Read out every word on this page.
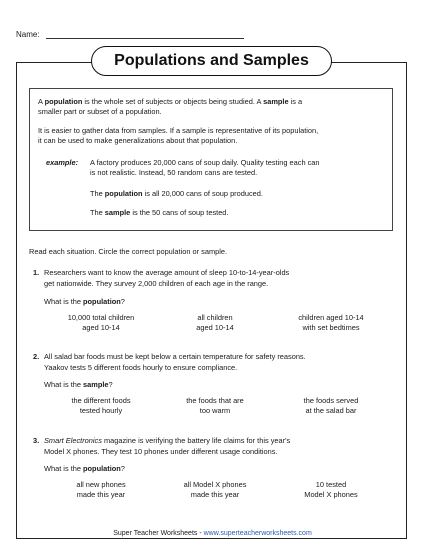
Name:
Populations and Samples
A population is the whole set of subjects or objects being studied. A sample is a
smaller part or subset of a population.
It is easier to gather data from samples. If a sample is representative of its population,
it can be used to make generalizations about that population.
example: A factory produces 20,000 cans of soup daily. Quality testing each can
is not realistic. Instead, 50 random cans are tested.
The population is all 20,000 cans of soup produced.
The sample is the 50 cans of soup tested.
Read each situation. Circle the correct population or sample.
1. Researchers want to know the average amount of sleep 10-to-14-year-olds
get nationwide. They survey 2,000 children of each age in the range.
What is the population?
10,000 total children
aged 10-14
all children
aged 10-14
children aged 10-14
with set bedtimes
2. All salad bar foods must be kept below a certain temperature for safety reasons.
Yaakov tests 5 different foods hourly to ensure compliance.
What is the sample?
the different foods
tested hourly
the foods that are
too warm
the foods served
at the salad bar
3. Smart Electronics magazine is verifying the battery life claims for this year's
Model X phones. They test 10 phones under different usage conditions.
What is the population?
all new phones
made this year
all Model X phones
made this year
10 tested
Model X phones
Super Teacher Worksheets - www.superteacherworksheets.com
